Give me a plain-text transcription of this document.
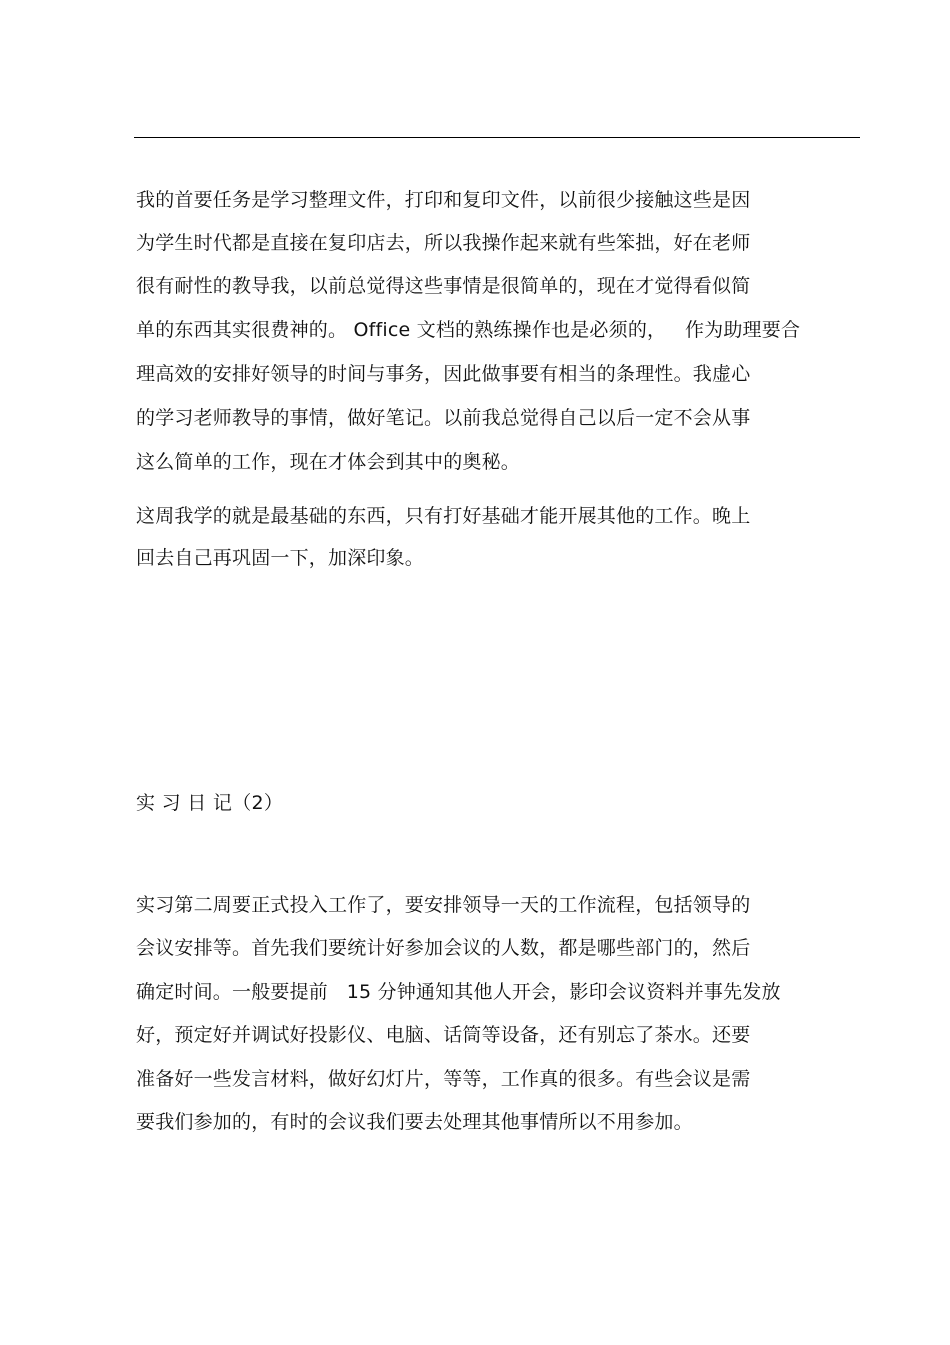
我的首要任务是学习整理文件，打印和复印文件，以前很少接触这些是因
为学生时代都是直接在复印店去，所以我操作起来就有些笨拙，好在老师
很有耐性的教导我，以前总觉得这些事情是很简单的，现在才觉得看似简
单的东西其实很费神的。 Office 文档的熟练操作也是必须的，   作为助理要合
理高效的安排好领导的时间与事务，因此做事要有相当的条理性。我虚心
的学习老师教导的事情，做好笔记。以前我总觉得自己以后一定不会从事
这么简单的工作，现在才体会到其中的奥秘。
这周我学的就是最基础的东西，只有打好基础才能开展其他的工作。晚上
回去自己再巩固一下，加深印象。
实 习 日 记（2）
实习第二周要正式投入工作了，要安排领导一天的工作流程，包括领导的
会议安排等。首先我们要统计好参加会议的人数，都是哪些部门的，然后
确定时间。一般要提前   15 分钟通知其他人开会，影印会议资料并事先发放
好，预定好并调试好投影仪、电脑、话筒等设备，还有别忘了茶水。还要
准备好一些发言材料，做好幻灯片，等等，工作真的很多。有些会议是需
要我们参加的，有时的会议我们要去处理其他事情所以不用参加。
